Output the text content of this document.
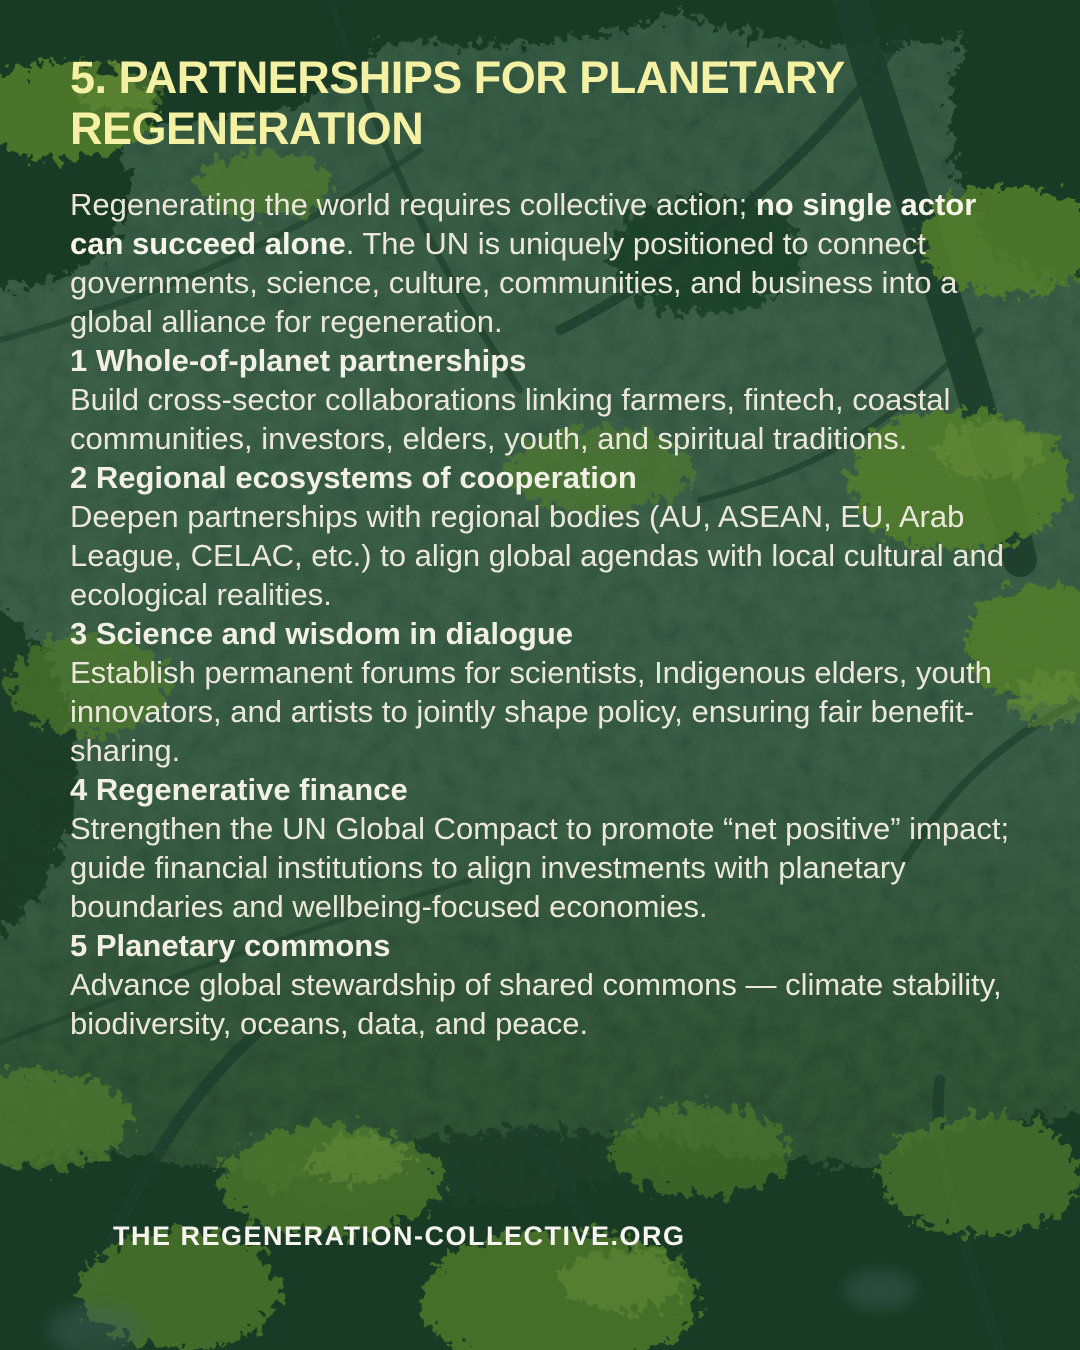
5. PARTNERSHIPS FOR PLANETARY REGENERATION

Regenerating the world requires collective action; no single actor can succeed alone. The UN is uniquely positioned to connect governments, science, culture, communities, and business into a global alliance for regeneration.

1 Whole-of-planet partnerships

Build cross-sector collaborations linking farmers, fintech, coastal communities, investors, elders, youth, and spiritual traditions.

2 Regional ecosystems of cooperation

Deepen partnerships with regional bodies (AU, ASEAN, EU, Arab League, CELAC, etc.) to align global agendas with local cultural and ecological realities.

3 Science and wisdom in dialogue

Establish permanent forums for scientists, Indigenous elders, youth innovators, and artists to jointly shape policy, ensuring fair benefit-sharing.

4 Regenerative finance

Strengthen the UN Global Compact to promote “net positive” impact; guide financial institutions to align investments with planetary boundaries and wellbeing-focused economies.

5 Planetary commons

Advance global stewardship of shared commons — climate stability, biodiversity, oceans, data, and peace.

THE REGENERATION-COLLECTIVE.ORG
